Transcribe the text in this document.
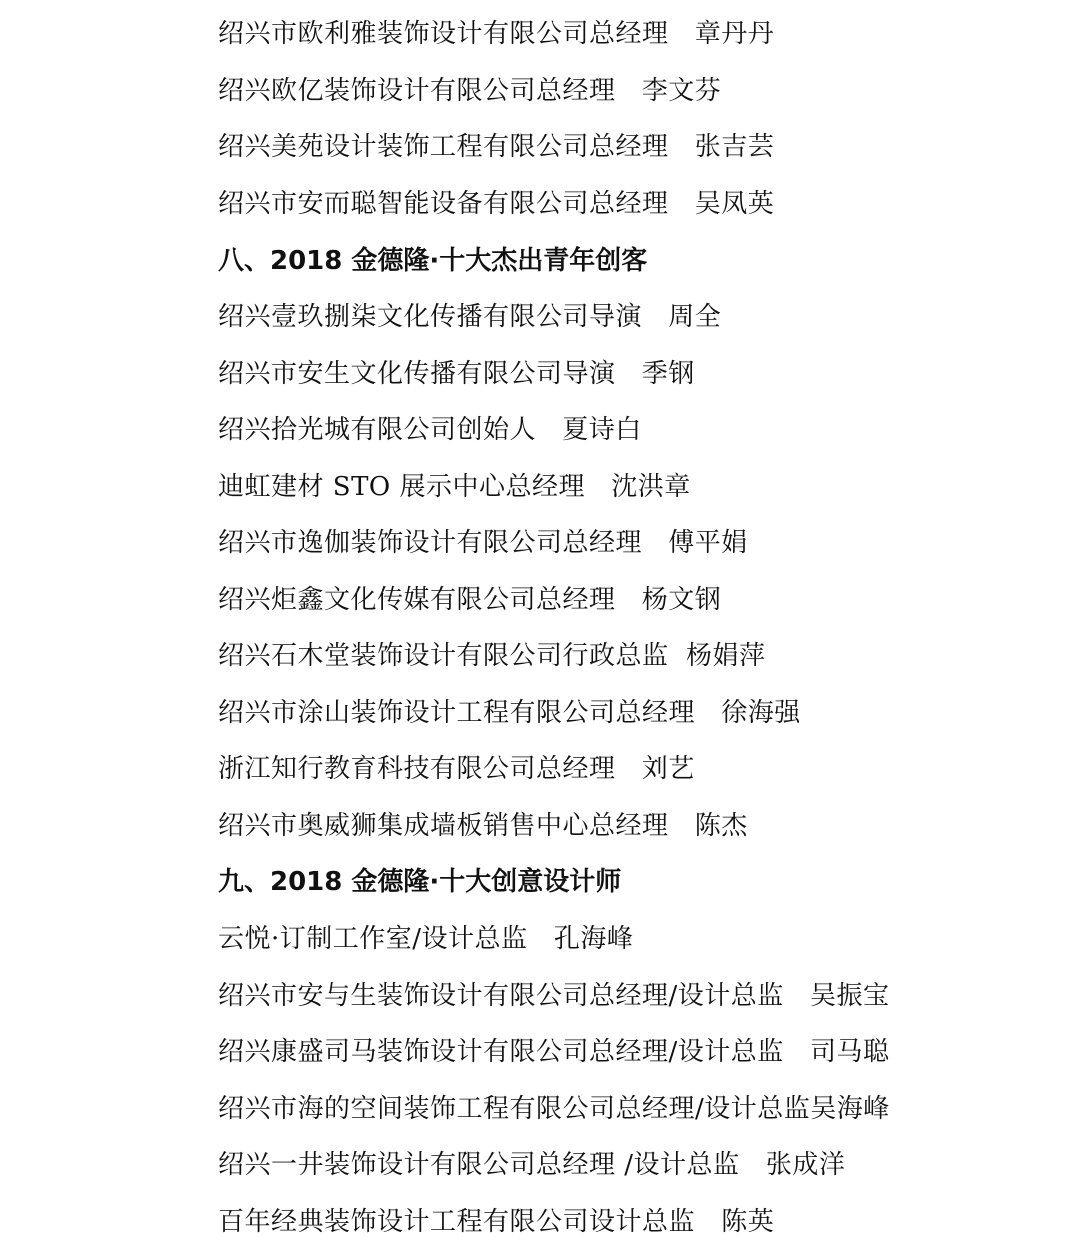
绍兴市欧利雅装饰设计有限公司总经理   章丹丹
绍兴欧亿装饰设计有限公司总经理   李文芬
绍兴美苑设计装饰工程有限公司总经理   张吉芸
绍兴市安而聪智能设备有限公司总经理   吴凤英
八、2018 金德隆·十大杰出青年创客
绍兴壹玖捌柒文化传播有限公司导演   周全
绍兴市安生文化传播有限公司导演   季钢
绍兴拾光城有限公司创始人   夏诗白
迪虹建材 STO 展示中心总经理   沈洪章
绍兴市逸伽装饰设计有限公司总经理   傅平娟
绍兴炬鑫文化传媒有限公司总经理   杨文钢
绍兴石木堂装饰设计有限公司行政总监  杨娟萍
绍兴市涂山装饰设计工程有限公司总经理   徐海强
浙江知行教育科技有限公司总经理   刘艺
绍兴市奥威狮集成墙板销售中心总经理   陈杰
九、2018 金德隆·十大创意设计师
云悦·订制工作室/设计总监   孔海峰
绍兴市安与生装饰设计有限公司总经理/设计总监   吴振宝
绍兴康盛司马装饰设计有限公司总经理/设计总监   司马聪
绍兴市海的空间装饰工程有限公司总经理/设计总监吴海峰
绍兴一井装饰设计有限公司总经理 /设计总监   张成洋
百年经典装饰设计工程有限公司设计总监   陈英
